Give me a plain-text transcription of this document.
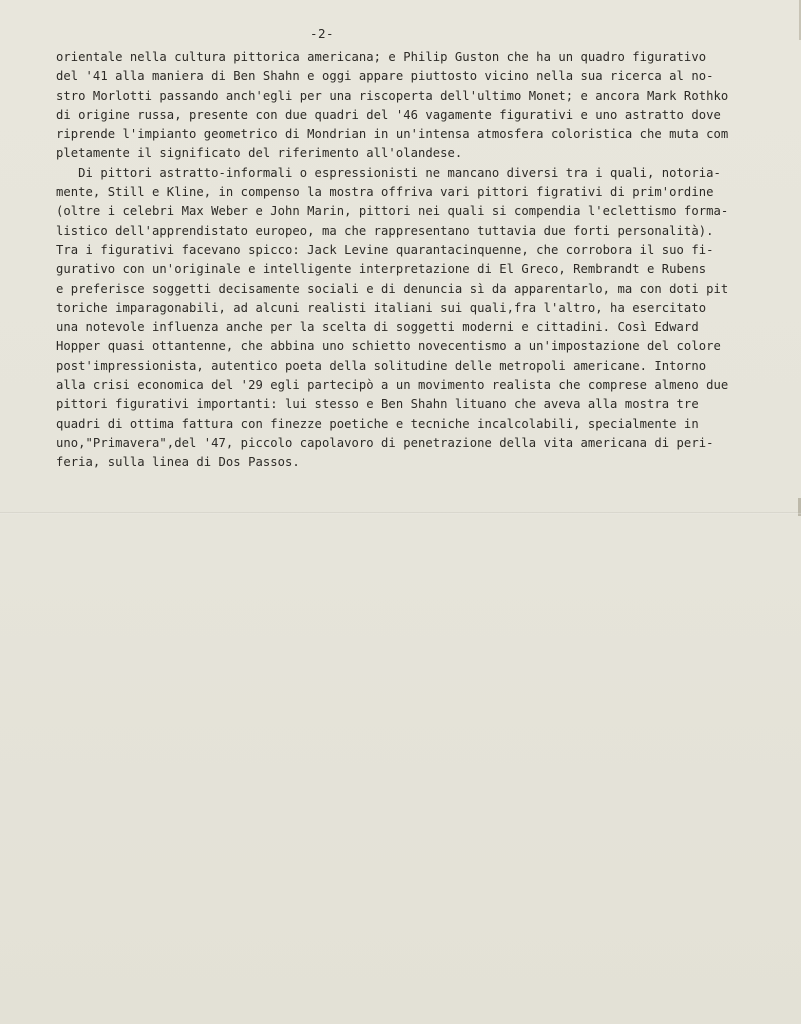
-2-
orientale nella cultura pittorica americana; e Philip Guston che ha un quadro figurativo
del '41 alla maniera di Ben Shahn e oggi appare piuttosto vicino nella sua ricerca al no-
stro Morlotti passando anch'egli per una riscoperta dell'ultimo Monet; e ancora Mark Rothko
di origine russa, presente con due quadri del '46 vagamente figurativi e uno astratto dove
riprende l'impianto geometrico di Mondrian in un'intensa atmosfera coloristica che muta com
pletamente il significato del riferimento all'olandese.
Di pittori astratto-informali o espressionisti ne mancano diversi tra i quali, notoria-
mente, Still e Kline, in compenso la mostra offriva vari pittori figrativi di prim'ordine
(oltre i celebri Max Weber e John Marin, pittori nei quali si compendia l'eclettismo forma-
listico dell'apprendistato europeo, ma che rappresentano tuttavia due forti personalità).
Tra i figurativi facevano spicco: Jack Levine quarantacinquenne, che corrobora il suo fi-
gurativo con un'originale e intelligente interpretazione di El Greco, Rembrandt e Rubens
e preferisce soggetti decisamente sociali e di denuncia sì da apparentarlo, ma con doti pit
toriche imparagonabili, ad alcuni realisti italiani sui quali,fra l'altro, ha esercitato
una notevole influenza anche per la scelta di soggetti moderni e cittadini. Così Edward
Hopper quasi ottantenne, che abbina uno schietto novecentismo a un'impostazione del colore
post'impressionista, autentico poeta della solitudine delle metropoli americane. Intorno
alla crisi economica del '29 egli partecipò a un movimento realista che comprese almeno due
pittori figurativi importanti: lui stesso e Ben Shahn lituano che aveva alla mostra tre
quadri di ottima fattura con finezze poetiche e tecniche incalcolabili, specialmente in
uno,"Primavera",del '47, piccolo capolavoro di penetrazione della vita americana di peri-
feria, sulla linea di Dos Passos.
